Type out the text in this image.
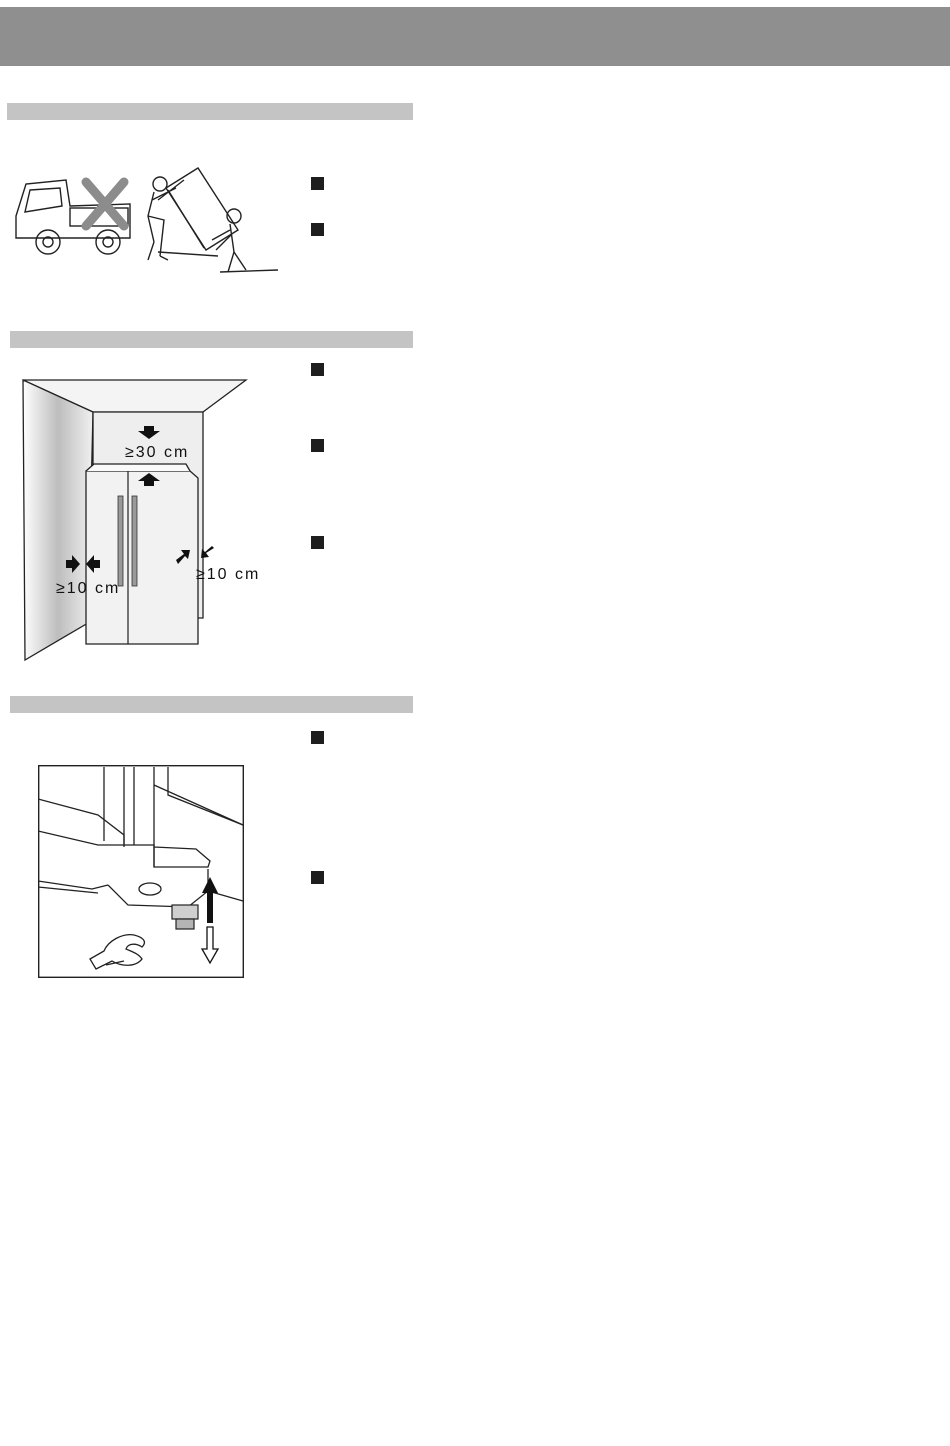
≥30 cm
≥10 cm
≥10 cm
